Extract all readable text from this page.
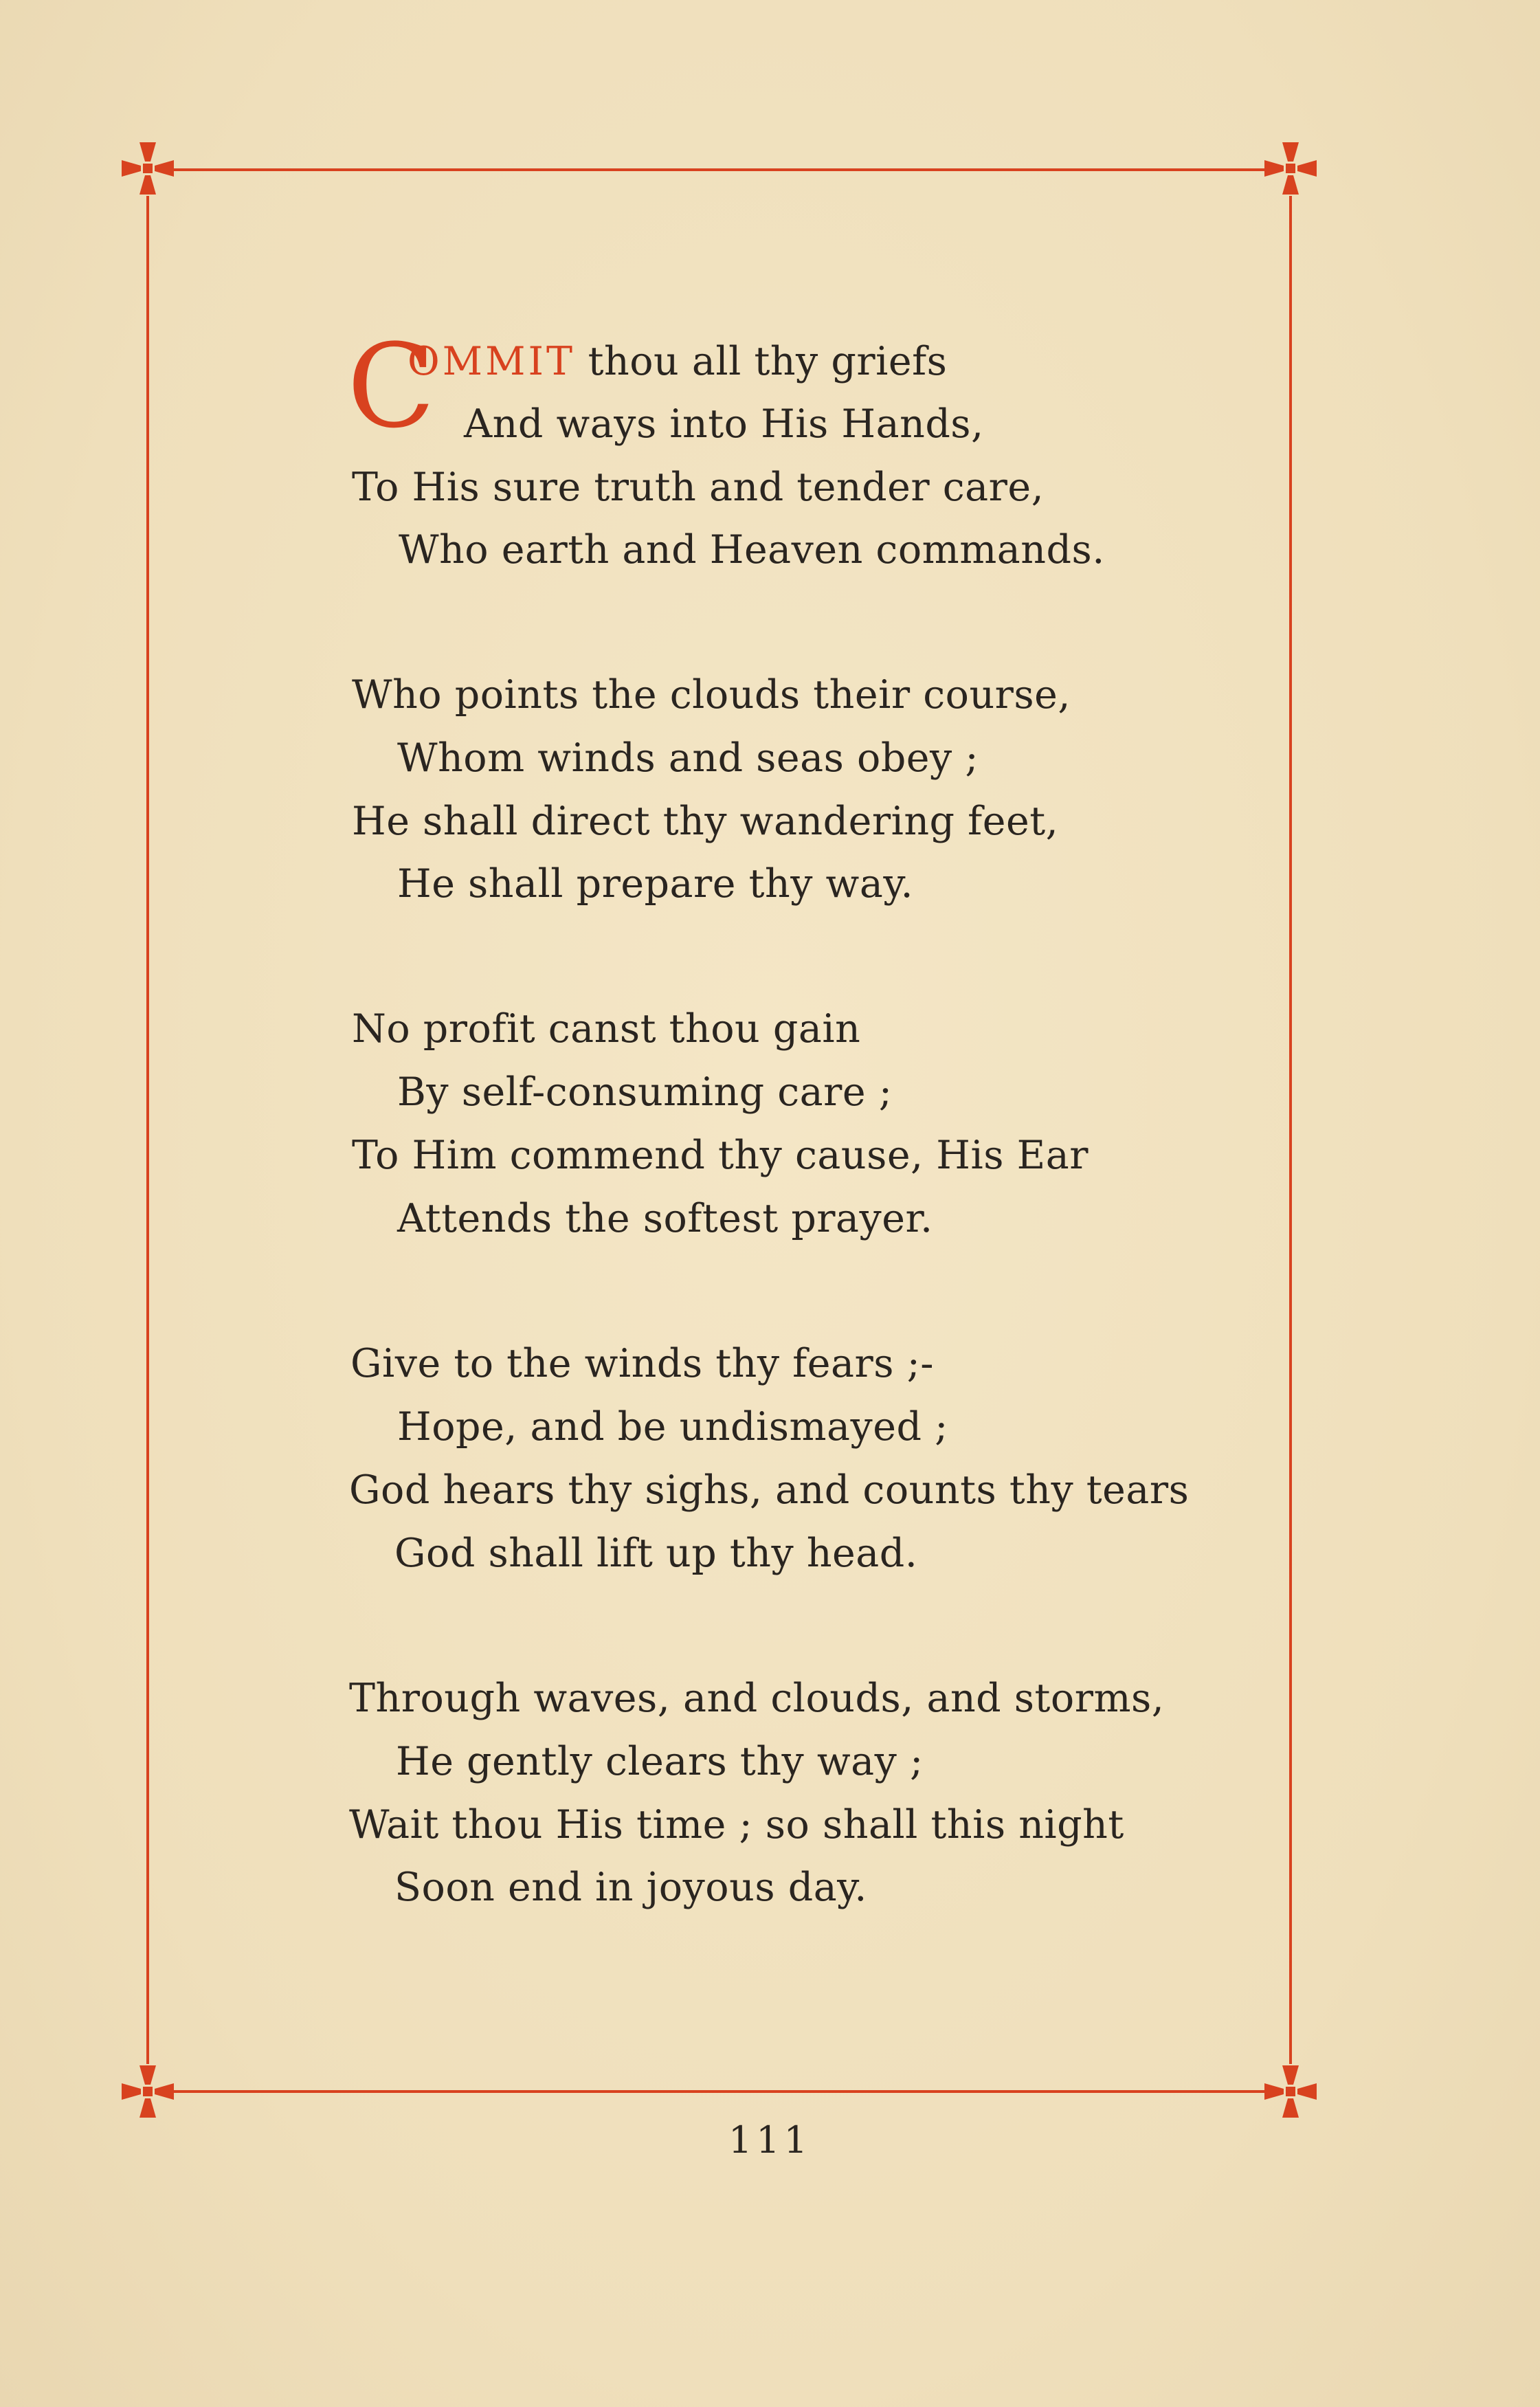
C
OMMIT thou all thy griefs
And ways into His Hands,
To His sure truth and tender care,
Who earth and Heaven commands.
Who points the clouds their course,
Whom winds and seas obey ;
He shall direct thy wandering feet,
He shall prepare thy way.
No profit canst thou gain
By self-consuming care ;
To Him commend thy cause, His Ear
Attends the softest prayer.
Give to the winds thy fears ;-
Hope, and be undismayed ;
God hears thy sighs, and counts thy tears
God shall lift up thy head.
Through waves, and clouds, and storms,
He gently clears thy way ;
Wait thou His time ; so shall this night
Soon end in joyous day.
111
